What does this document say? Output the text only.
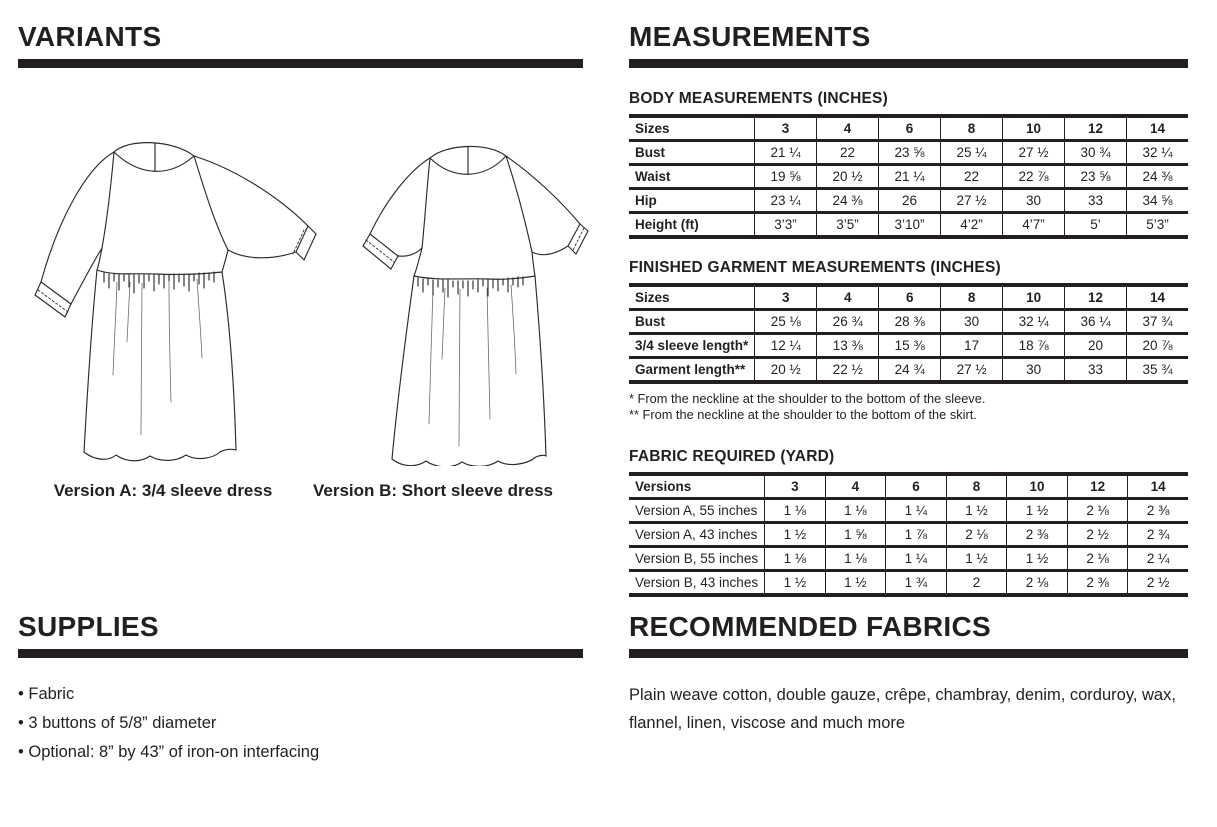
VARIANTS
Version A: 3/4 sleeve dress	Version B: Short sleeve dress
MEASUREMENTS
BODY MEASUREMENTS (INCHES)
Sizes	3	4	6	8	10	12	14
Bust	21 ¼	22	23 ⅝	25 ¼	27 ½	30 ¾	32 ¼
Waist	19 ⅝	20 ½	21 ¼	22	22 ⅞	23 ⅝	24 ⅜
Hip	23 ¼	24 ⅜	26	27 ½	30	33	34 ⅝
Height (ft)	3’3”	3’5”	3’10”	4’2”	4’7”	5’	5’3”
FINISHED GARMENT MEASUREMENTS (INCHES)
Sizes	3	4	6	8	10	12	14
Bust	25 ⅛	26 ¾	28 ⅜	30	32 ¼	36 ¼	37 ¾
3/4 sleeve length*	12 ¼	13 ⅜	15 ⅜	17	18 ⅞	20	20 ⅞
Garment length**	20 ½	22 ½	24 ¾	27 ½	30	33	35 ¾
* From the neckline at the shoulder to the bottom of the sleeve.
** From the neckline at the shoulder to the bottom of the skirt.
FABRIC REQUIRED (YARD)
Versions	3	4	6	8	10	12	14
Version A, 55 inches	1 ⅛	1 ⅛	1 ¼	1 ½	1 ½	2 ⅛	2 ⅜
Version A, 43 inches	1 ½	1 ⅝	1 ⅞	2 ⅛	2 ⅜	2 ½	2 ¾
Version B, 55 inches	1 ⅛	1 ⅛	1 ¼	1 ½	1 ½	2 ⅛	2 ¼
Version B, 43 inches	1 ½	1 ½	1 ¾	2	2 ⅛	2 ⅜	2 ½
SUPPLIES
• Fabric
• 3 buttons of 5/8” diameter
• Optional: 8” by 43” of iron-on interfacing
RECOMMENDED FABRICS

Plain weave cotton, double gauze, crêpe, chambray, denim, corduroy, wax, flannel, linen, viscose and much more
